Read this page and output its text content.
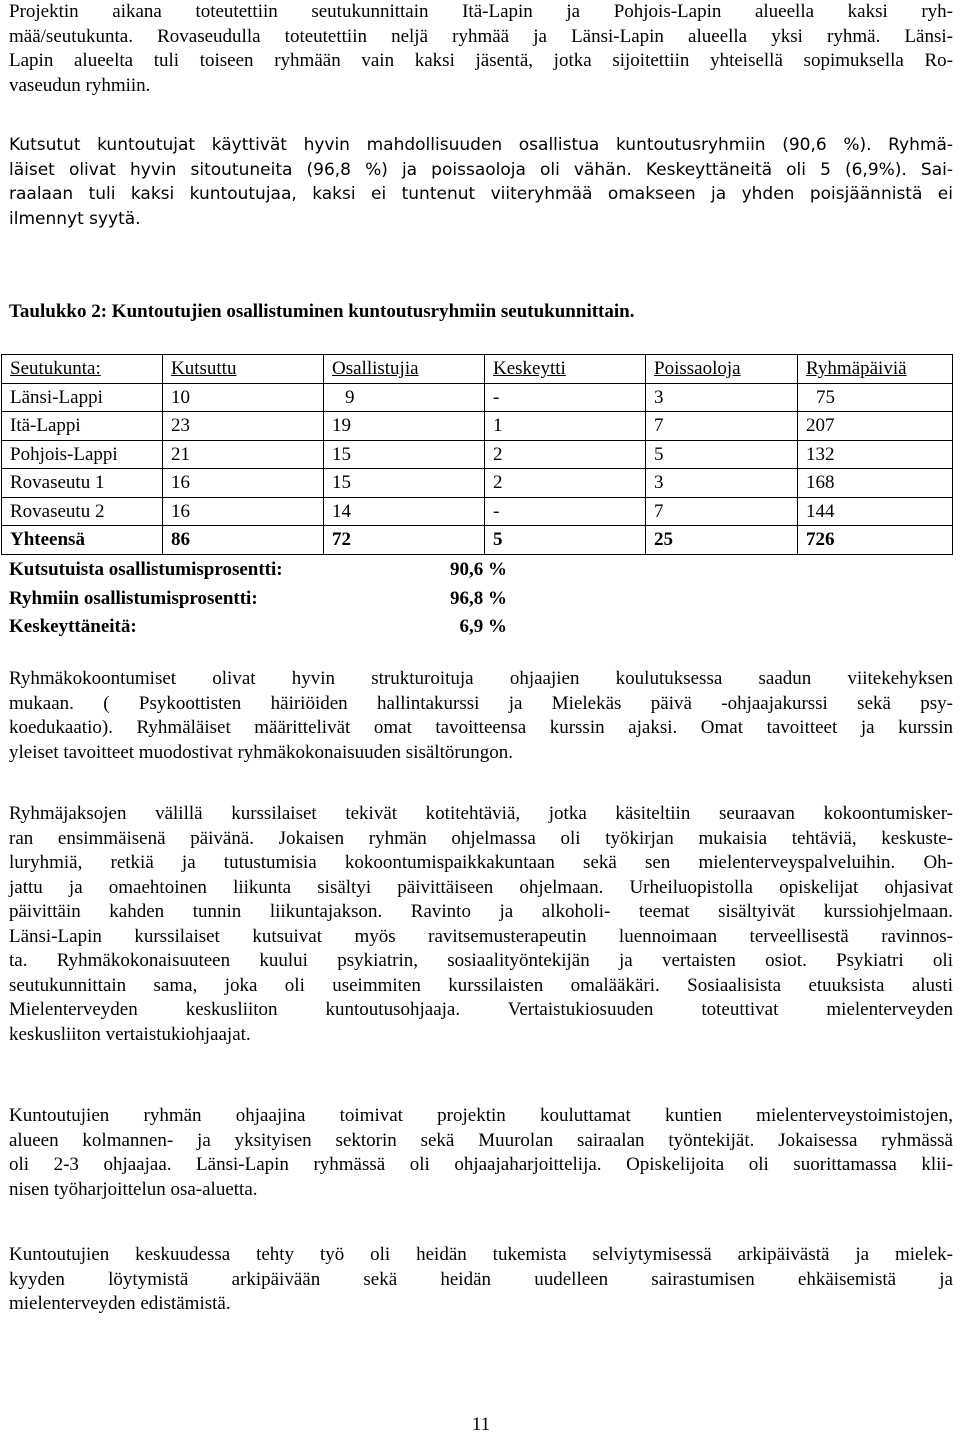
Projektin aikana toteutettiin seutukunnittain Itä-Lapin ja Pohjois-Lapin alueella kaksi ryh-
mää/seutukunta. Rovaseudulla toteutettiin neljä ryhmää ja Länsi-Lapin alueella yksi ryhmä. Länsi-
Lapin alueelta tuli toiseen ryhmään vain kaksi jäsentä, jotka sijoitettiin yhteisellä sopimuksella Ro-
vaseudun ryhmiin.

Kutsutut kuntoutujat käyttivät hyvin mahdollisuuden osallistua kuntoutusryhmiin (90,6 %). Ryhmä-
läiset olivat hyvin sitoutuneita (96,8 %) ja poissaoloja oli vähän. Keskeyttäneitä oli 5 (6,9%). Sai-
raalaan tuli kaksi kuntoutujaa, kaksi ei tuntenut viiteryhmää omakseen ja yhden poisjäännistä ei
ilmennyt syytä.

Taulukko 2: Kuntoutujien osallistuminen kuntoutusryhmiin seutukunnittain.

Seutukunta:	Kutsuttu	Osallistujia	Keskeytti	Poissaoloja	Ryhmäpäiviä
Länsi-Lappi	10	9	-	3	75
Itä-Lappi	23	19	1	7	207
Pohjois-Lappi	21	15	2	5	132
Rovaseutu 1	16	15	2	3	168
Rovaseutu 2	16	14	-	7	144
Yhteensä	86	72	5	25	726
Kutsutuista osallistumisprosentti:	90,6 %
Ryhmiin osallistumisprosentti:	96,8 %
Keskeyttäneitä:	6,9 %

Ryhmäkokoontumiset olivat hyvin strukturoituja ohjaajien koulutuksessa saadun viitekehyksen
mukaan. ( Psykoottisten häiriöiden hallintakurssi ja Mielekäs päivä -ohjaajakurssi sekä psy-
koedukaatio). Ryhmäläiset määrittelivät omat tavoitteensa kurssin ajaksi. Omat tavoitteet ja kurssin
yleiset tavoitteet muodostivat ryhmäkokonaisuuden sisältörungon.

Ryhmäjaksojen välillä kurssilaiset tekivät kotitehtäviä, jotka käsiteltiin seuraavan kokoontumisker-
ran ensimmäisenä päivänä. Jokaisen ryhmän ohjelmassa oli työkirjan mukaisia tehtäviä, keskuste-
luryhmiä, retkiä ja tutustumisia kokoontumispaikkakuntaan sekä sen mielenterveyspalveluihin. Oh-
jattu ja omaehtoinen liikunta sisältyi päivittäiseen ohjelmaan. Urheiluopistolla opiskelijat ohjasivat
päivittäin kahden tunnin liikuntajakson. Ravinto ja alkoholi- teemat sisältyivät kurssiohjelmaan.
Länsi-Lapin kurssilaiset kutsuivat myös ravitsemusterapeutin luennoimaan terveellisestä ravinnos-
ta. Ryhmäkokonaisuuteen kuului psykiatrin, sosiaalityöntekijän ja vertaisten osiot. Psykiatri oli
seutukunnittain sama, joka oli useimmiten kurssilaisten omalääkäri. Sosiaalisista etuuksista alusti
Mielenterveyden keskusliiton kuntoutusohjaaja. Vertaistukiosuuden toteuttivat mielenterveyden
keskusliiton vertaistukiohjaajat.

Kuntoutujien ryhmän ohjaajina toimivat projektin kouluttamat kuntien mielenterveystoimistojen,
alueen kolmannen- ja yksityisen sektorin sekä Muurolan sairaalan työntekijät. Jokaisessa ryhmässä
oli 2-3 ohjaajaa. Länsi-Lapin ryhmässä oli ohjaajaharjoittelija. Opiskelijoita oli suorittamassa klii-
nisen työharjoittelun osa-aluetta.

Kuntoutujien keskuudessa tehty työ oli heidän tukemista selviytymisessä arkipäivästä ja mielek-
kyyden löytymistä arkipäivään sekä heidän uudelleen sairastumisen ehkäisemistä ja
mielenterveyden edistämistä.

11
